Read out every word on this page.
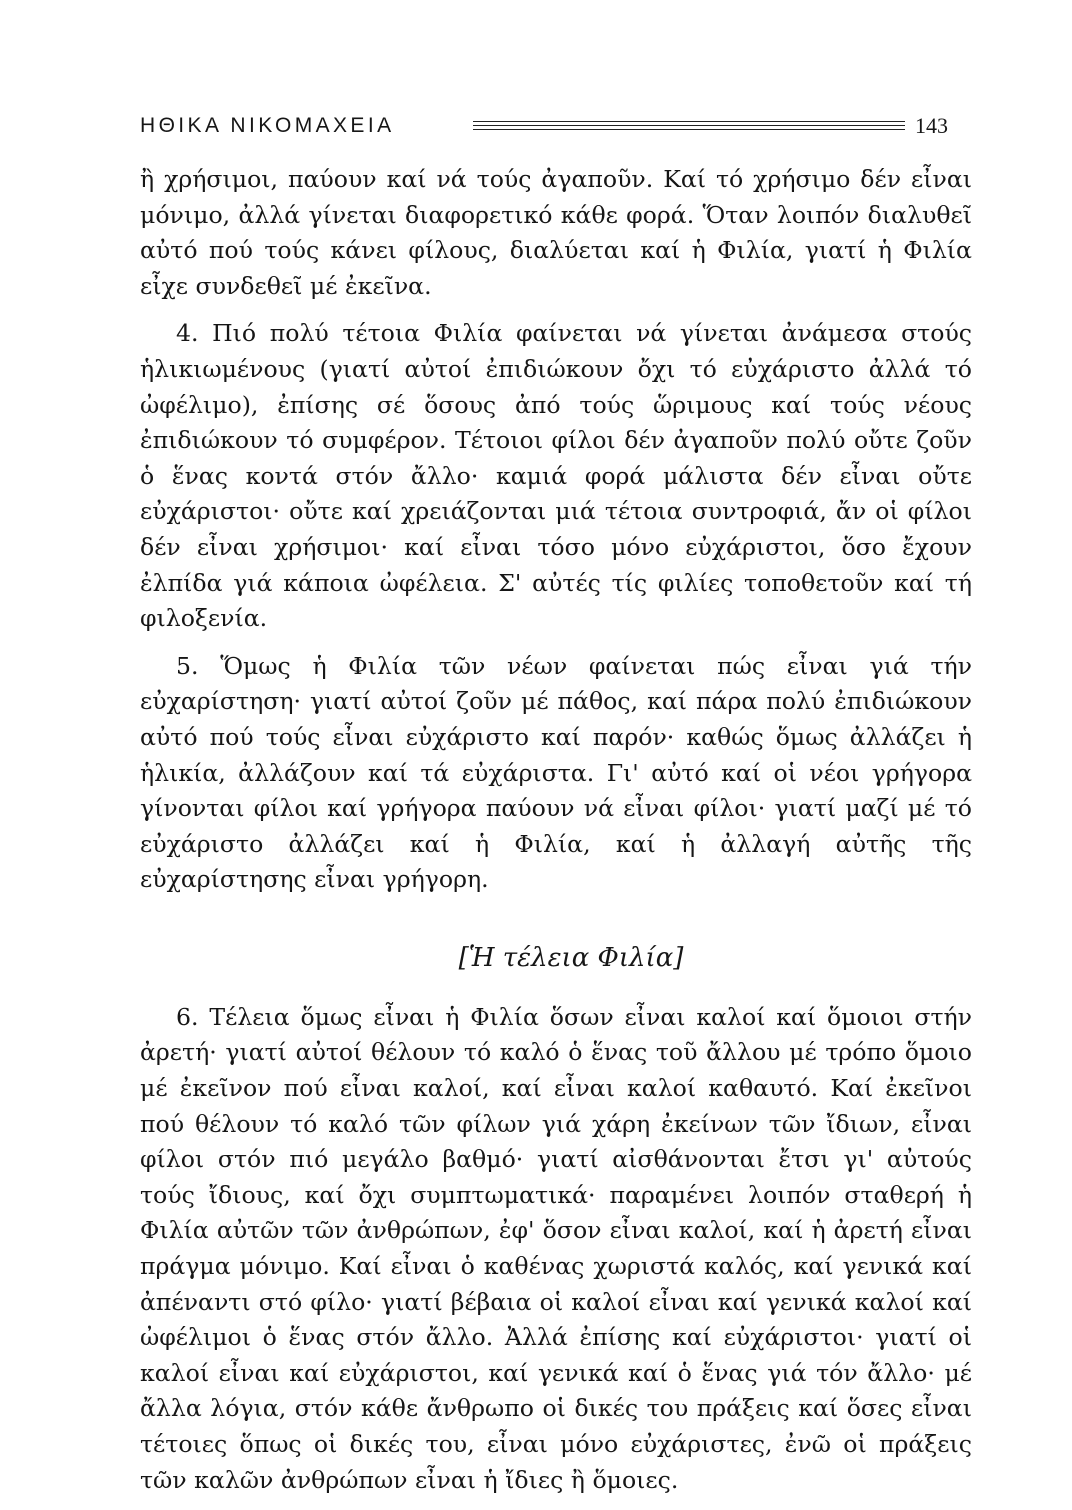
ΗΘΙΚΑ ΝΙΚΟΜΑΧΕΙΑ	143

ἢ χρήσιμοι, παύουν καί νά τούς ἀγαποῦν. Καί τό χρήσιμο δέν εἶναι μόνιμο, ἀλλά γίνεται διαφορετικό κάθε φορά. Ὅταν λοιπόν διαλυθεῖ αὐτό πού τούς κάνει φίλους, διαλύεται καί ἡ Φιλία, γιατί ἡ Φιλία εἶχε συνδεθεῖ μέ ἐκεῖνα.

4. Πιό πολύ τέτοια Φιλία φαίνεται νά γίνεται ἀνάμεσα στούς ἡλικιωμένους (γιατί αὐτοί ἐπιδιώκουν ὄχι τό εὐχάριστο ἀλλά τό ὠφέλιμο), ἐπίσης σέ ὅσους ἀπό τούς ὥριμους καί τούς νέους ἐπιδιώκουν τό συμφέρον. Τέτοιοι φίλοι δέν ἀγαποῦν πολύ οὔτε ζοῦν ὁ ἕνας κοντά στόν ἄλλο· καμιά φορά μάλιστα δέν εἶναι οὔτε εὐχάριστοι· οὔτε καί χρειάζονται μιά τέτοια συντροφιά, ἄν οἱ φίλοι δέν εἶναι χρήσιμοι· καί εἶναι τόσο μόνο εὐχάριστοι, ὅσο ἔχουν ἐλπίδα γιά κάποια ὠφέλεια. Σ' αὐτές τίς φιλίες τοποθετοῦν καί τή φιλοξενία.

5. Ὅμως ἡ Φιλία τῶν νέων φαίνεται πώς εἶναι γιά τήν εὐχαρίστηση· γιατί αὐτοί ζοῦν μέ πάθος, καί πάρα πολύ ἐπιδιώκουν αὐτό πού τούς εἶναι εὐχάριστο καί παρόν· καθώς ὅμως ἀλλάζει ἡ ἡλικία, ἀλλάζουν καί τά εὐχάριστα. Γι' αὐτό καί οἱ νέοι γρήγορα γίνονται φίλοι καί γρήγορα παύουν νά εἶναι φίλοι· γιατί μαζί μέ τό εὐχάριστο ἀλλάζει καί ἡ Φιλία, καί ἡ ἀλλαγή αὐτῆς τῆς εὐχαρίστησης εἶναι γρήγορη.

[Ἡ τέλεια Φιλία]

6. Τέλεια ὅμως εἶναι ἡ Φιλία ὅσων εἶναι καλοί καί ὅμοιοι στήν ἀρετή· γιατί αὐτοί θέλουν τό καλό ὁ ἕνας τοῦ ἄλλου μέ τρόπο ὅμοιο μέ ἐκεῖνον πού εἶναι καλοί, καί εἶναι καλοί καθαυτό. Καί ἐκεῖνοι πού θέλουν τό καλό τῶν φίλων γιά χάρη ἐκείνων τῶν ἴδιων, εἶναι φίλοι στόν πιό μεγάλο βαθμό· γιατί αἰσθάνονται ἔτσι γι' αὐτούς τούς ἴδιους, καί ὄχι συμπτωματικά· παραμένει λοιπόν σταθερή ἡ Φιλία αὐτῶν τῶν ἀνθρώπων, ἐφ' ὅσον εἶναι καλοί, καί ἡ ἀρετή εἶναι πράγμα μόνιμο. Καί εἶναι ὁ καθένας χωριστά καλός, καί γενικά καί ἀπέναντι στό φίλο· γιατί βέβαια οἱ καλοί εἶναι καί γενικά καλοί καί ὠφέλιμοι ὁ ἕνας στόν ἄλλο. Ἀλλά ἐπίσης καί εὐχάριστοι· γιατί οἱ καλοί εἶναι καί εὐχάριστοι, καί γενικά καί ὁ ἕνας γιά τόν ἄλλο· μέ ἄλλα λόγια, στόν κάθε ἄνθρωπο οἱ δικές του πράξεις καί ὅσες εἶναι τέτοιες ὅπως οἱ δικές του, εἶναι μόνο εὐχάριστες, ἐνῶ οἱ πράξεις τῶν καλῶν ἀνθρώπων εἶναι ἡ ἴδιες ἢ ὅμοιες.
